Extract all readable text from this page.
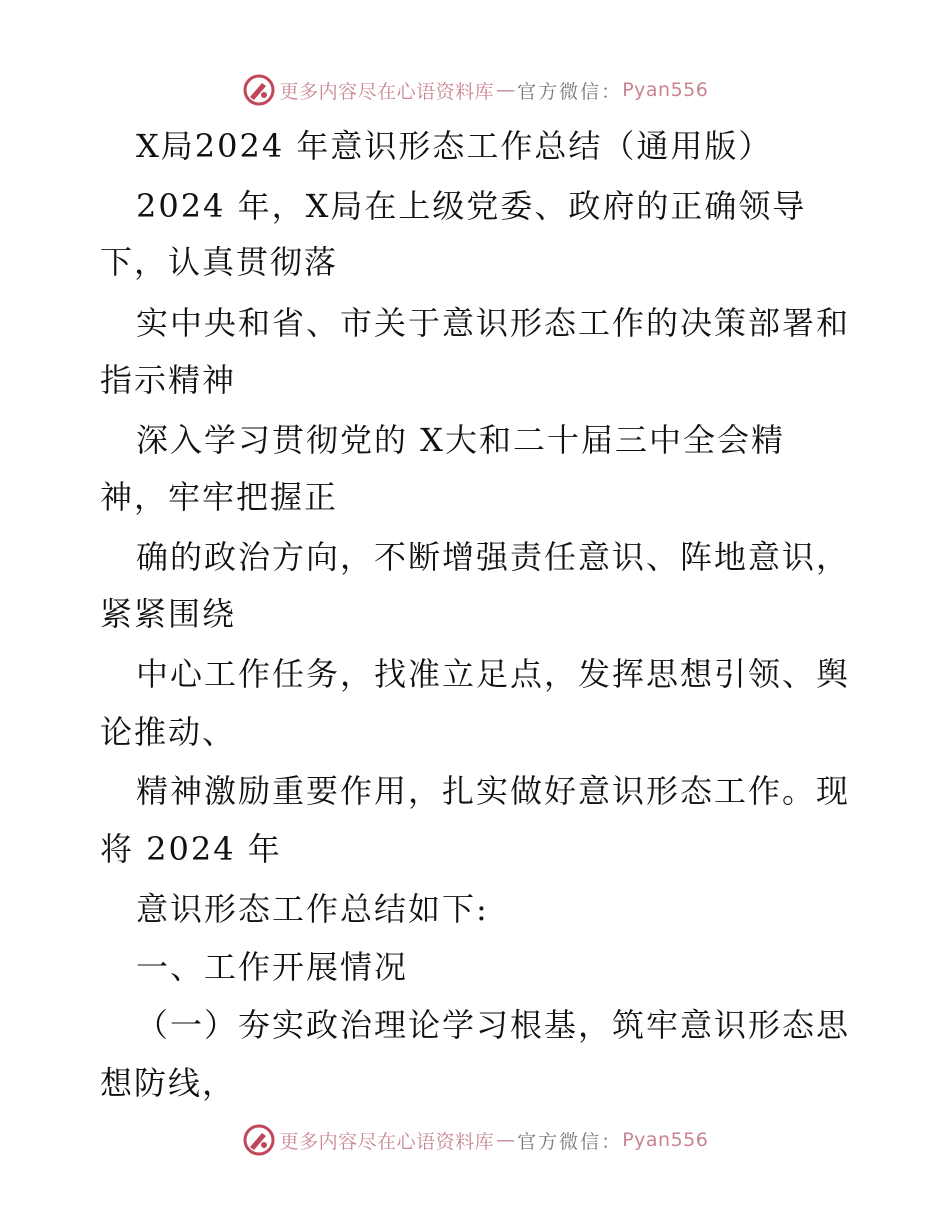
更多内容尽在心语资料库 — 官方微信： Pyan556
X局2024 年意识形态工作总结（通用版）
2024 年，X局在上级党委、政府的正确领导
下，认真贯彻落
实中央和省、市关于意识形态工作的决策部署和
指示精神
深入学习贯彻党的 X大和二十届三中全会精
神，牢牢把握正
确的政治方向，不断增强责任意识、阵地意识，
紧紧围绕
中心工作任务，找准立足点，发挥思想引领、舆
论推动、
精神激励重要作用，扎实做好意识形态工作。现
将 2024 年
意识形态工作总结如下:
一、工作开展情况
（一）夯实政治理论学习根基，筑牢意识形态思
想防线，
更多内容尽在心语资料库 — 官方微信： Pyan556
